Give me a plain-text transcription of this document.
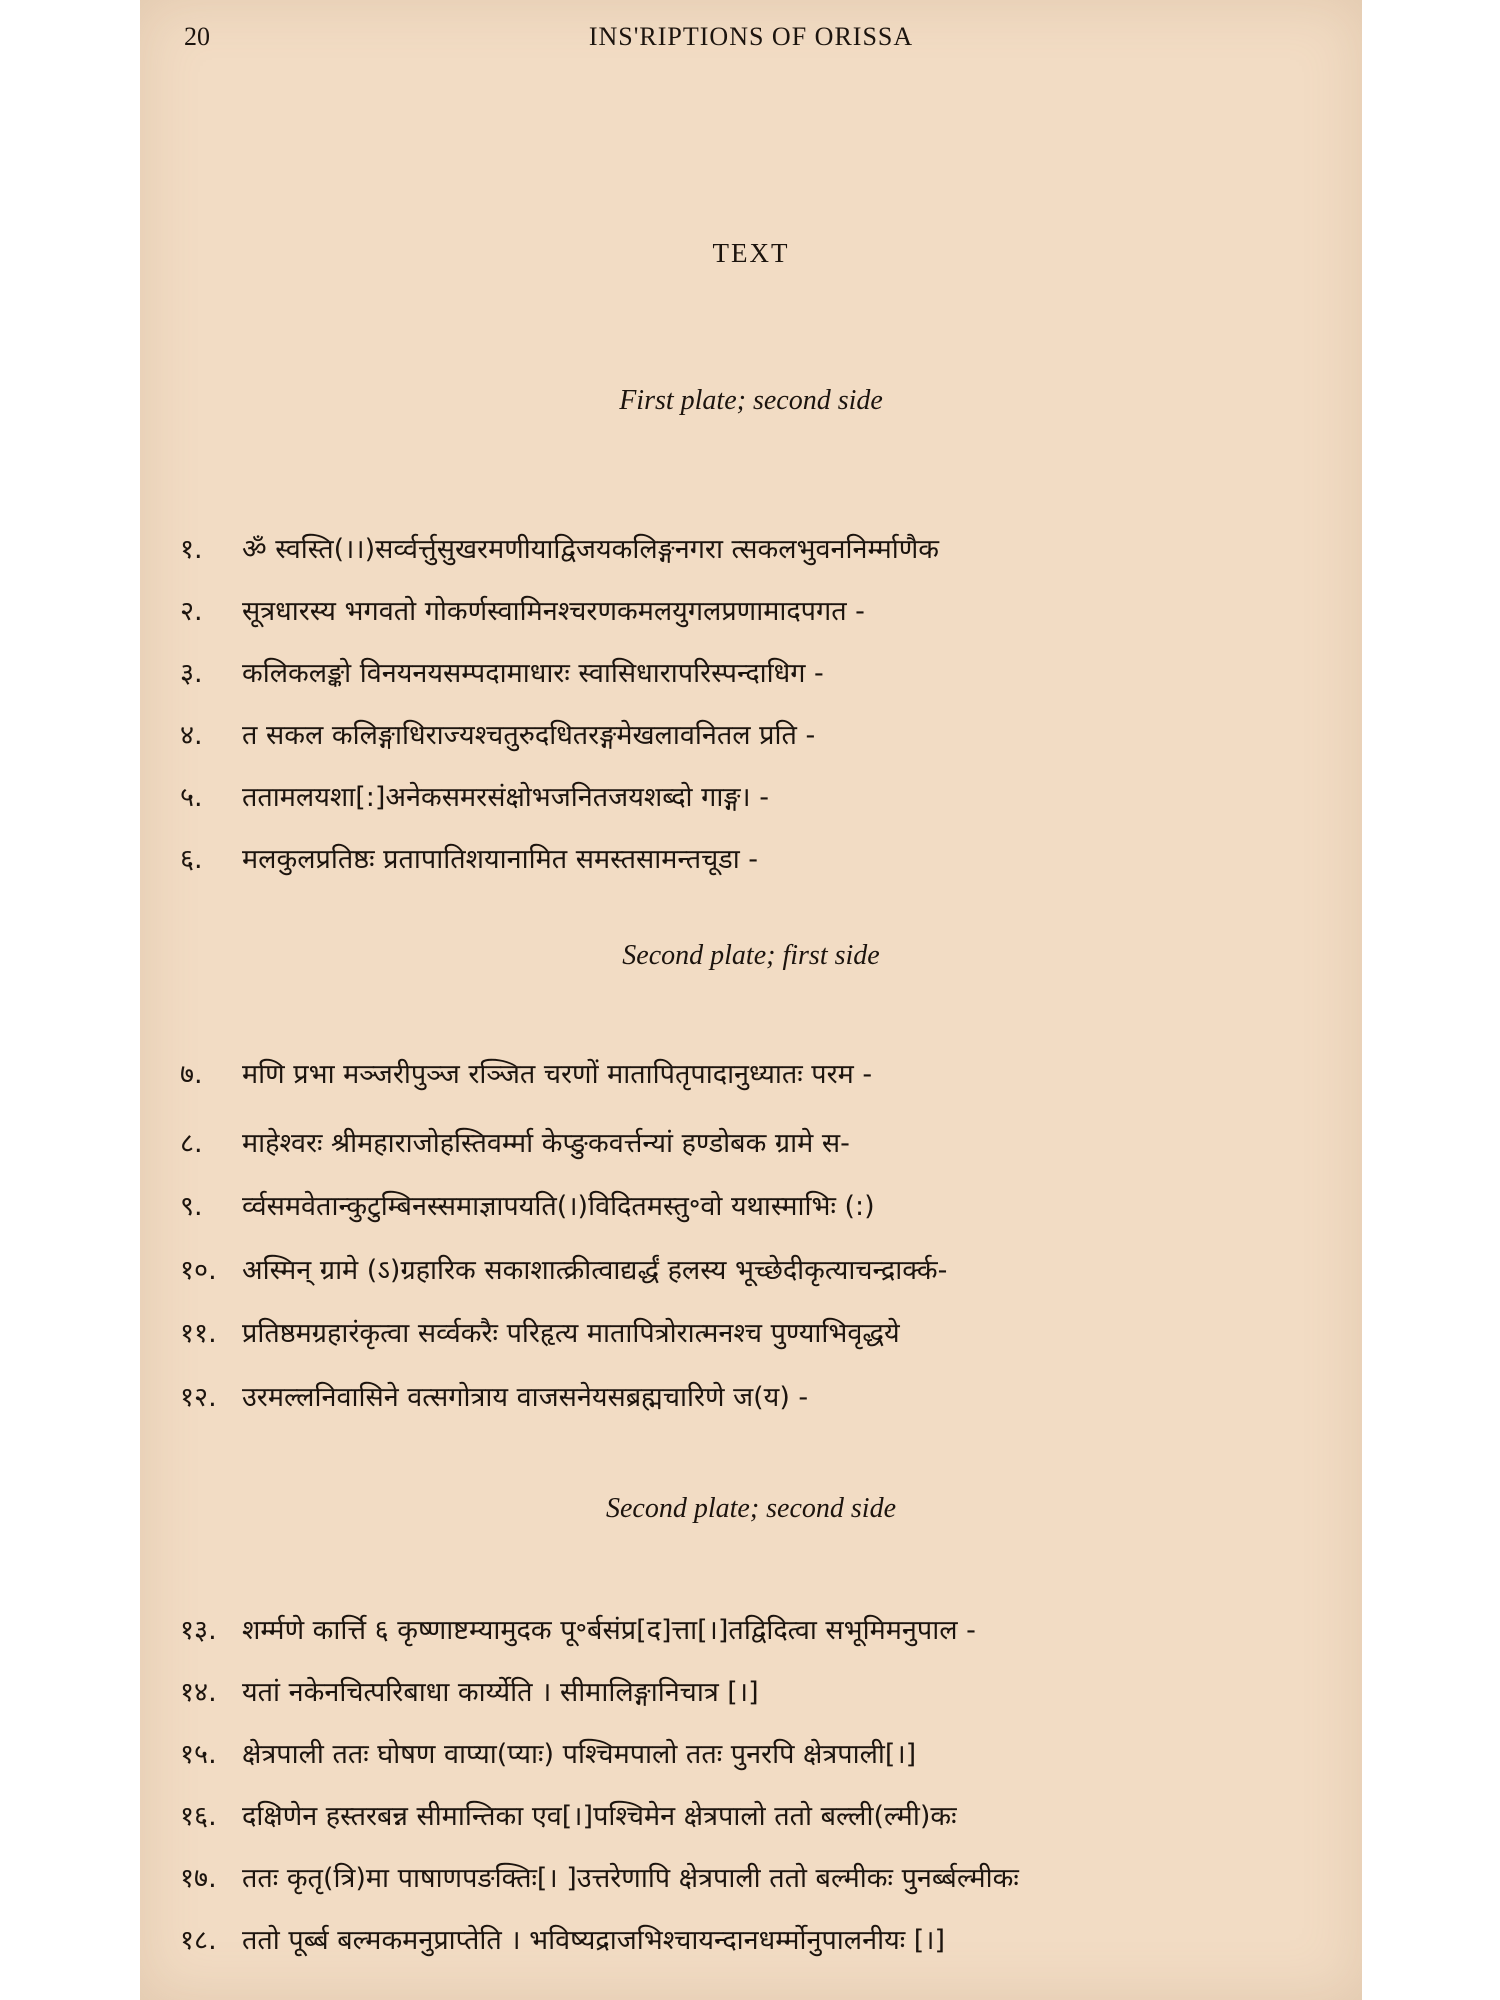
20	INS'RIPTIONS OF ORISSA
TEXT
First plate; second side
१. ॐ स्वस्ति(।।)सर्व्वर्त्तुसुखरमणीयाद्विजयकलिङ्गनगरा त्सकलभुवननिर्म्माणैक
२. सूत्रधारस्य भगवतो गोकर्णस्वामिनश्चरणकमलयुगलप्रणामादपगत -
३. कलिकलङ्को विनयनयसम्पदामाधारः स्वासिधारापरिस्पन्दाधिग -
४. त सकल कलिङ्गाधिराज्यश्चतुरुदधितरङ्गमेखलावनितल प्रति -
५. ततामलयशा[:]अनेकसमरसंक्षोभजनितजयशब्दो गाङ्ग। -
६. मलकुलप्रतिष्ठः प्रतापातिशयानामित समस्तसामन्तचूडा -
Second plate; first side
७. मणि प्रभा मञ्जरीपुञ्ज रञ्जित चरणों मातापितृपादानुध्यातः परम -
८. माहेश्वरः श्रीमहाराजोहस्तिवर्म्मा केप्ङुकवर्त्तन्यां हण्डोबक ग्रामे स-
९. र्व्वसमवेतान्कुटुम्बिनस्समाज्ञापयति(।)विदितमस्तु॰वो यथास्माभिः (:)
१०. अस्मिन् ग्रामे (ऽ)ग्रहारिक सकाशात्क्रीत्वाद्यर्द्धं हलस्य भूच्छेदीकृत्याचन्द्रार्क्क-
११. प्रतिष्ठमग्रहारंकृत्वा सर्व्वकरैः परिहृत्य मातापित्रोरात्मनश्च पुण्याभिवृद्धये
१२. उरमल्लनिवासिने वत्सगोत्राय वाजसनेयसब्रह्मचारिणे ज(य) -
Second plate; second side
१३. शर्म्मणे कार्त्ति ६ कृष्णाष्टम्यामुदक पू॰र्बसंप्र[द]त्ता[।]तद्विदित्वा सभूमिमनुपाल -
१४. यतां नकेनचित्परिबाधा कार्य्येति । सीमालिङ्गानिचात्र [।]
१५. क्षेत्रपाली ततः घोषण वाप्या(प्याः) पश्चिमपालो ततः पुनरपि क्षेत्रपाली[।]
१६. दक्षिणेन हस्तरबन्न सीमान्तिका एव[।]पश्चिमेन क्षेत्रपालो ततो बल्ली(ल्मी)कः
१७. ततः कृतृ(त्रि)मा पाषाणपङक्तिः[। ]उत्तरेणापि क्षेत्रपाली ततो बल्मीकः पुनर्ब्बल्मीकः
१८. ततो पूर्ब्ब बल्मकमनुप्राप्तेति । भविष्यद्राजभिश्चायन्दानधर्म्मोनुपालनीयः [।]
